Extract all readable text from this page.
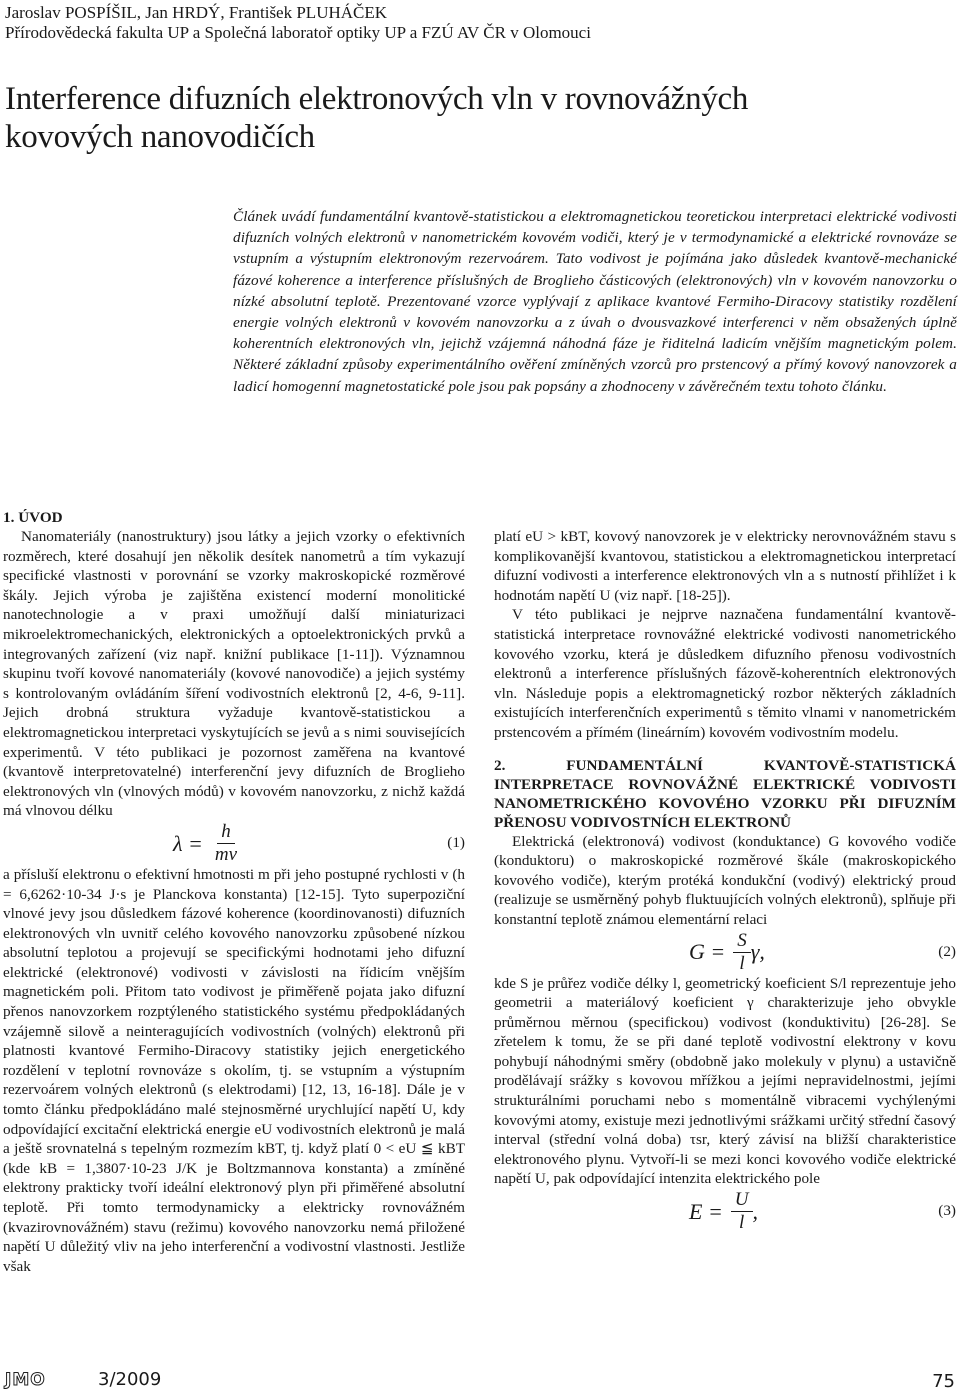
Jaroslav POSPÍŠIL, Jan HRDÝ, František PLUHÁČEK
Přírodovědecká fakulta UP a Společná laboratoř optiky UP a FZÚ AV ČR v Olomouci
Interference difuzních elektronových vln v rovnovážných
kovových nanovodičích

Článek uvádí fundamentální kvantově-statistickou a elektromagnetickou teoretickou interpretaci elektrické vodivosti difuzních volných elektronů v nanometrickém kovovém vodiči, který je v termodynamické a elektrické rovnováze se vstupním a výstupním elektronovým rezervoárem. Tato vodivost je pojímána jako důsledek kvantově-mechanické fázové koherence a interference příslušných de Broglieho částicových (elektronových) vln v kovovém nanovzorku o nízké absolutní teplotě. Prezentované vzorce vyplývají z aplikace kvantové Fermiho-Diracovy statistiky rozdělení energie volných elektronů v kovovém nanovzorku a z úvah o dvousvazkové interferenci v něm obsažených úplně koherentních elektronových vln, jejichž vzájemná náhodná fáze je řiditelná ladicím vnějším magnetickým polem. Některé základní způsoby experimentálního ověření zmíněných vzorců pro prstencový a přímý kovový nanovzorek a ladicí homogenní magnetostatické pole jsou pak popsány a zhodnoceny v závěrečném textu tohoto článku.

1. ÚVOD

Nanomateriály (nanostruktury) jsou látky a jejich vzorky o efektivních rozměrech, které dosahují jen několik desítek nanometrů a tím vykazují specifické vlastnosti v porovnání se vzorky makroskopické rozměrové škály. Jejich výroba je zajištěna existencí moderní monolitické nanotechnologie a v praxi umožňují další miniaturizaci mikroelektromechanických, elektronických a optoelektronických prvků a integrovaných zařízení (viz např. knižní publikace [1-11]). Významnou skupinu tvoří kovové nanomateriály (kovové nanovodiče) a jejich systémy s kontrolovaným ovládáním šíření vodivostních elektronů [2, 4-6, 9-11]. Jejich drobná struktura vyžaduje kvantově-statistickou a elektromagnetickou interpretaci vyskytujících se jevů a s nimi souvisejících experimentů. V této publikaci je pozornost zaměřena na kvantové (kvantově interpretovatelné) interferenční jevy difuzních de Broglieho elektronových vln (vlnových módů) v kovovém nanovzorku, z nichž každá má vlnovou délku

$\lambda = \frac{h}{mv}$	(1)

a přísluší elektronu o efektivní hmotnosti m při jeho postupné rychlosti v (h = 6,6262·10-34 J·s je Planckova konstanta) [12-15]. Tyto superpoziční vlnové jevy jsou důsledkem fázové koherence (koordinovanosti) difuzních elektronových vln uvnitř celého kovového nanovzorku způsobené nízkou absolutní teplotou a projevují se specifickými hodnotami jeho difuzní elektrické (elektronové) vodivosti v závislosti na řídicím vnějším magnetickém poli. Přitom tato vodivost je přiměřeně pojata jako difuzní přenos nanovzorkem rozptýleného statistického systému předpokládaných vzájemně silově a neinteragujících vodivostních (volných) elektronů při platnosti kvantové Fermiho-Diracovy statistiky jejich energetického rozdělení v teplotní rovnováze s okolím, tj. se vstupním a výstupním rezervoárem volných elektronů (s elektrodami) [12, 13, 16-18]. Dále je v tomto článku předpokládáno malé stejnosměrné urychlující napětí U, kdy odpovídající excitační elektrická energie eU vodivostních elektronů je malá a ještě srovnatelná s tepelným rozmezím kBT, tj. když platí 0 < eU ≦ kBT (kde kB = 1,3807·10-23 J/K je Boltzmannova konstanta) a zmíněné elektrony prakticky tvoří ideální elektronový plyn při přiměřené absolutní teplotě. Při tomto termodynamicky a elektricky rovnovážném (kvazirovnovážném) stavu (režimu) kovového nanovzorku nemá přiložené napětí U důležitý vliv na jeho interferenční a vodivostní vlastnosti. Jestliže však

platí eU > kBT, kovový nanovzorek je v elektricky nerovnovážném stavu s komplikovanější kvantovou, statistickou a elektromagnetickou interpretací difuzní vodivosti a interference elektronových vln a s nutností přihlížet i k hodnotám napětí U (viz např. [18-25]).

V této publikaci je nejprve naznačena fundamentální kvantově-statistická interpretace rovnovážné elektrické vodivosti nanometrického kovového vzorku, která je důsledkem difuzního přenosu vodivostních elektronů a interference příslušných fázově-koherentních elektronových vln. Následuje popis a elektromagnetický rozbor některých základních existujících interferenčních experimentů s těmito vlnami v nanometrickém prstencovém a přímém (lineárním) kovovém vodivostním modelu.

2. FUNDAMENTÁLNÍ KVANTOVĚ-STATISTICKÁ INTERPRETACE ROVNOVÁŽNÉ ELEKTRICKÉ VODIVOSTI NANOMETRICKÉHO KOVOVÉHO VZORKU PŘI DIFUZNÍM PŘENOSU VODIVOSTNÍCH ELEKTRONŮ

Elektrická (elektronová) vodivost (konduktance) G kovového vodiče (konduktoru) o makroskopické rozměrové škále (makroskopického kovového vodiče), kterým protéká kondukční (vodivý) elektrický proud (realizuje se usměrněný pohyb fluktuujících volných elektronů), splňuje při konstantní teplotě známou elementární relaci

$G = \frac{S}{l} \gamma$,	(2)

kde S je průřez vodiče délky l, geometrický koeficient S/l reprezentuje jeho geometrii a materiálový koeficient γ charakterizuje jeho obvykle průměrnou měrnou (specifickou) vodivost (konduktivitu) [26-28]. Se zřetelem k tomu, že se při dané teplotě vodivostní elektrony v kovu pohybují náhodnými směry (obdobně jako molekuly v plynu) a ustavičně prodělávají srážky s kovovou mřížkou a jejími nepravidelnostmi, jejími strukturálními poruchami nebo s momentálně vibracemi vychýlenými kovovými atomy, existuje mezi jednotlivými srážkami určitý střední časový interval (střední volná doba) τsr, který závisí na bližší charakteristice elektronového plynu. Vytvoří-li se mezi konci kovového vodiče elektrické napětí U, pak odpovídající intenzita elektrického pole

$E = \frac{U}{l}$ ,	(3)
JMO	3/2009	75
